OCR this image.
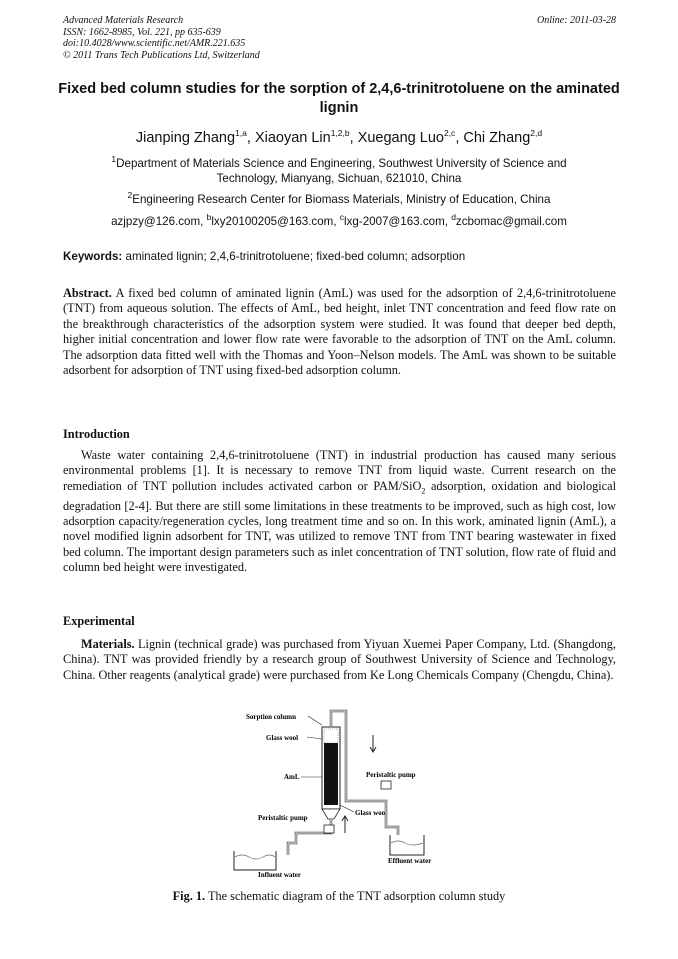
Advanced Materials Research
ISSN: 1662-8985, Vol. 221, pp 635-639
doi:10.4028/www.scientific.net/AMR.221.635
© 2011 Trans Tech Publications Ltd, Switzerland
Online: 2011-03-28
Fixed bed column studies for the sorption of 2,4,6-trinitrotoluene on the aminated lignin
Jianping Zhang$^{1,a}$, Xiaoyan Lin$^{1,2,b}$, Xuegang Luo$^{2,c}$, Chi Zhang$^{2,d}$
$^1$Department of Materials Science and Engineering, Southwest University of Science and Technology, Mianyang, Sichuan, 621010, China
$^2$Engineering Research Center for Biomass Materials, Ministry of Education, China
azjpzy@126.com, $^b$lxy20100205@163.com, $^c$lxg-2007@163.com, $^d$zcbomac@gmail.com
Keywords: aminated lignin; 2,4,6-trinitrotoluene; fixed-bed column; adsorption
Abstract. A fixed bed column of aminated lignin (AmL) was used for the adsorption of 2,4,6-trinitrotoluene (TNT) from aqueous solution. The effects of AmL, bed height, inlet TNT concentration and feed flow rate on the breakthrough characteristics of the adsorption system were studied. It was found that deeper bed depth, higher initial concentration and lower flow rate were favorable to the adsorption of TNT on the AmL column. The adsorption data fitted well with the Thomas and Yoon–Nelson models. The AmL was shown to be suitable adsorbent for adsorption of TNT using fixed-bed adsorption column.
Introduction
Waste water containing 2,4,6-trinitrotoluene (TNT) in industrial production has caused many serious environmental problems [1]. It is necessary to remove TNT from liquid waste. Current research on the remediation of TNT pollution includes activated carbon or PAM/SiO$_2$ adsorption, oxidation and biological degradation [2-4]. But there are still some limitations in these treatments to be improved, such as high cost, low adsorption capacity/regeneration cycles, long treatment time and so on. In this work, aminated lignin (AmL), a novel modified lignin adsorbent for TNT, was utilized to remove TNT from TNT bearing wastewater in fixed bed column. The important design parameters such as inlet concentration of TNT solution, flow rate of fluid and column bed height were investigated.
Experimental
Materials. Lignin (technical grade) was purchased from Yiyuan Xuemei Paper Company, Ltd. (Shangdong, China). TNT was provided friendly by a research group of Southwest University of Science and Technology, China. Other reagents (analytical grade) were purchased from Ke Long Chemicals Company (Chengdu, China).
Sorption column
Glass wool
AmL	Peristaltic pump
Glass wool
Peristaltic pump
Effluent water
Influent water
Fig. 1. The schematic diagram of the TNT adsorption column study
